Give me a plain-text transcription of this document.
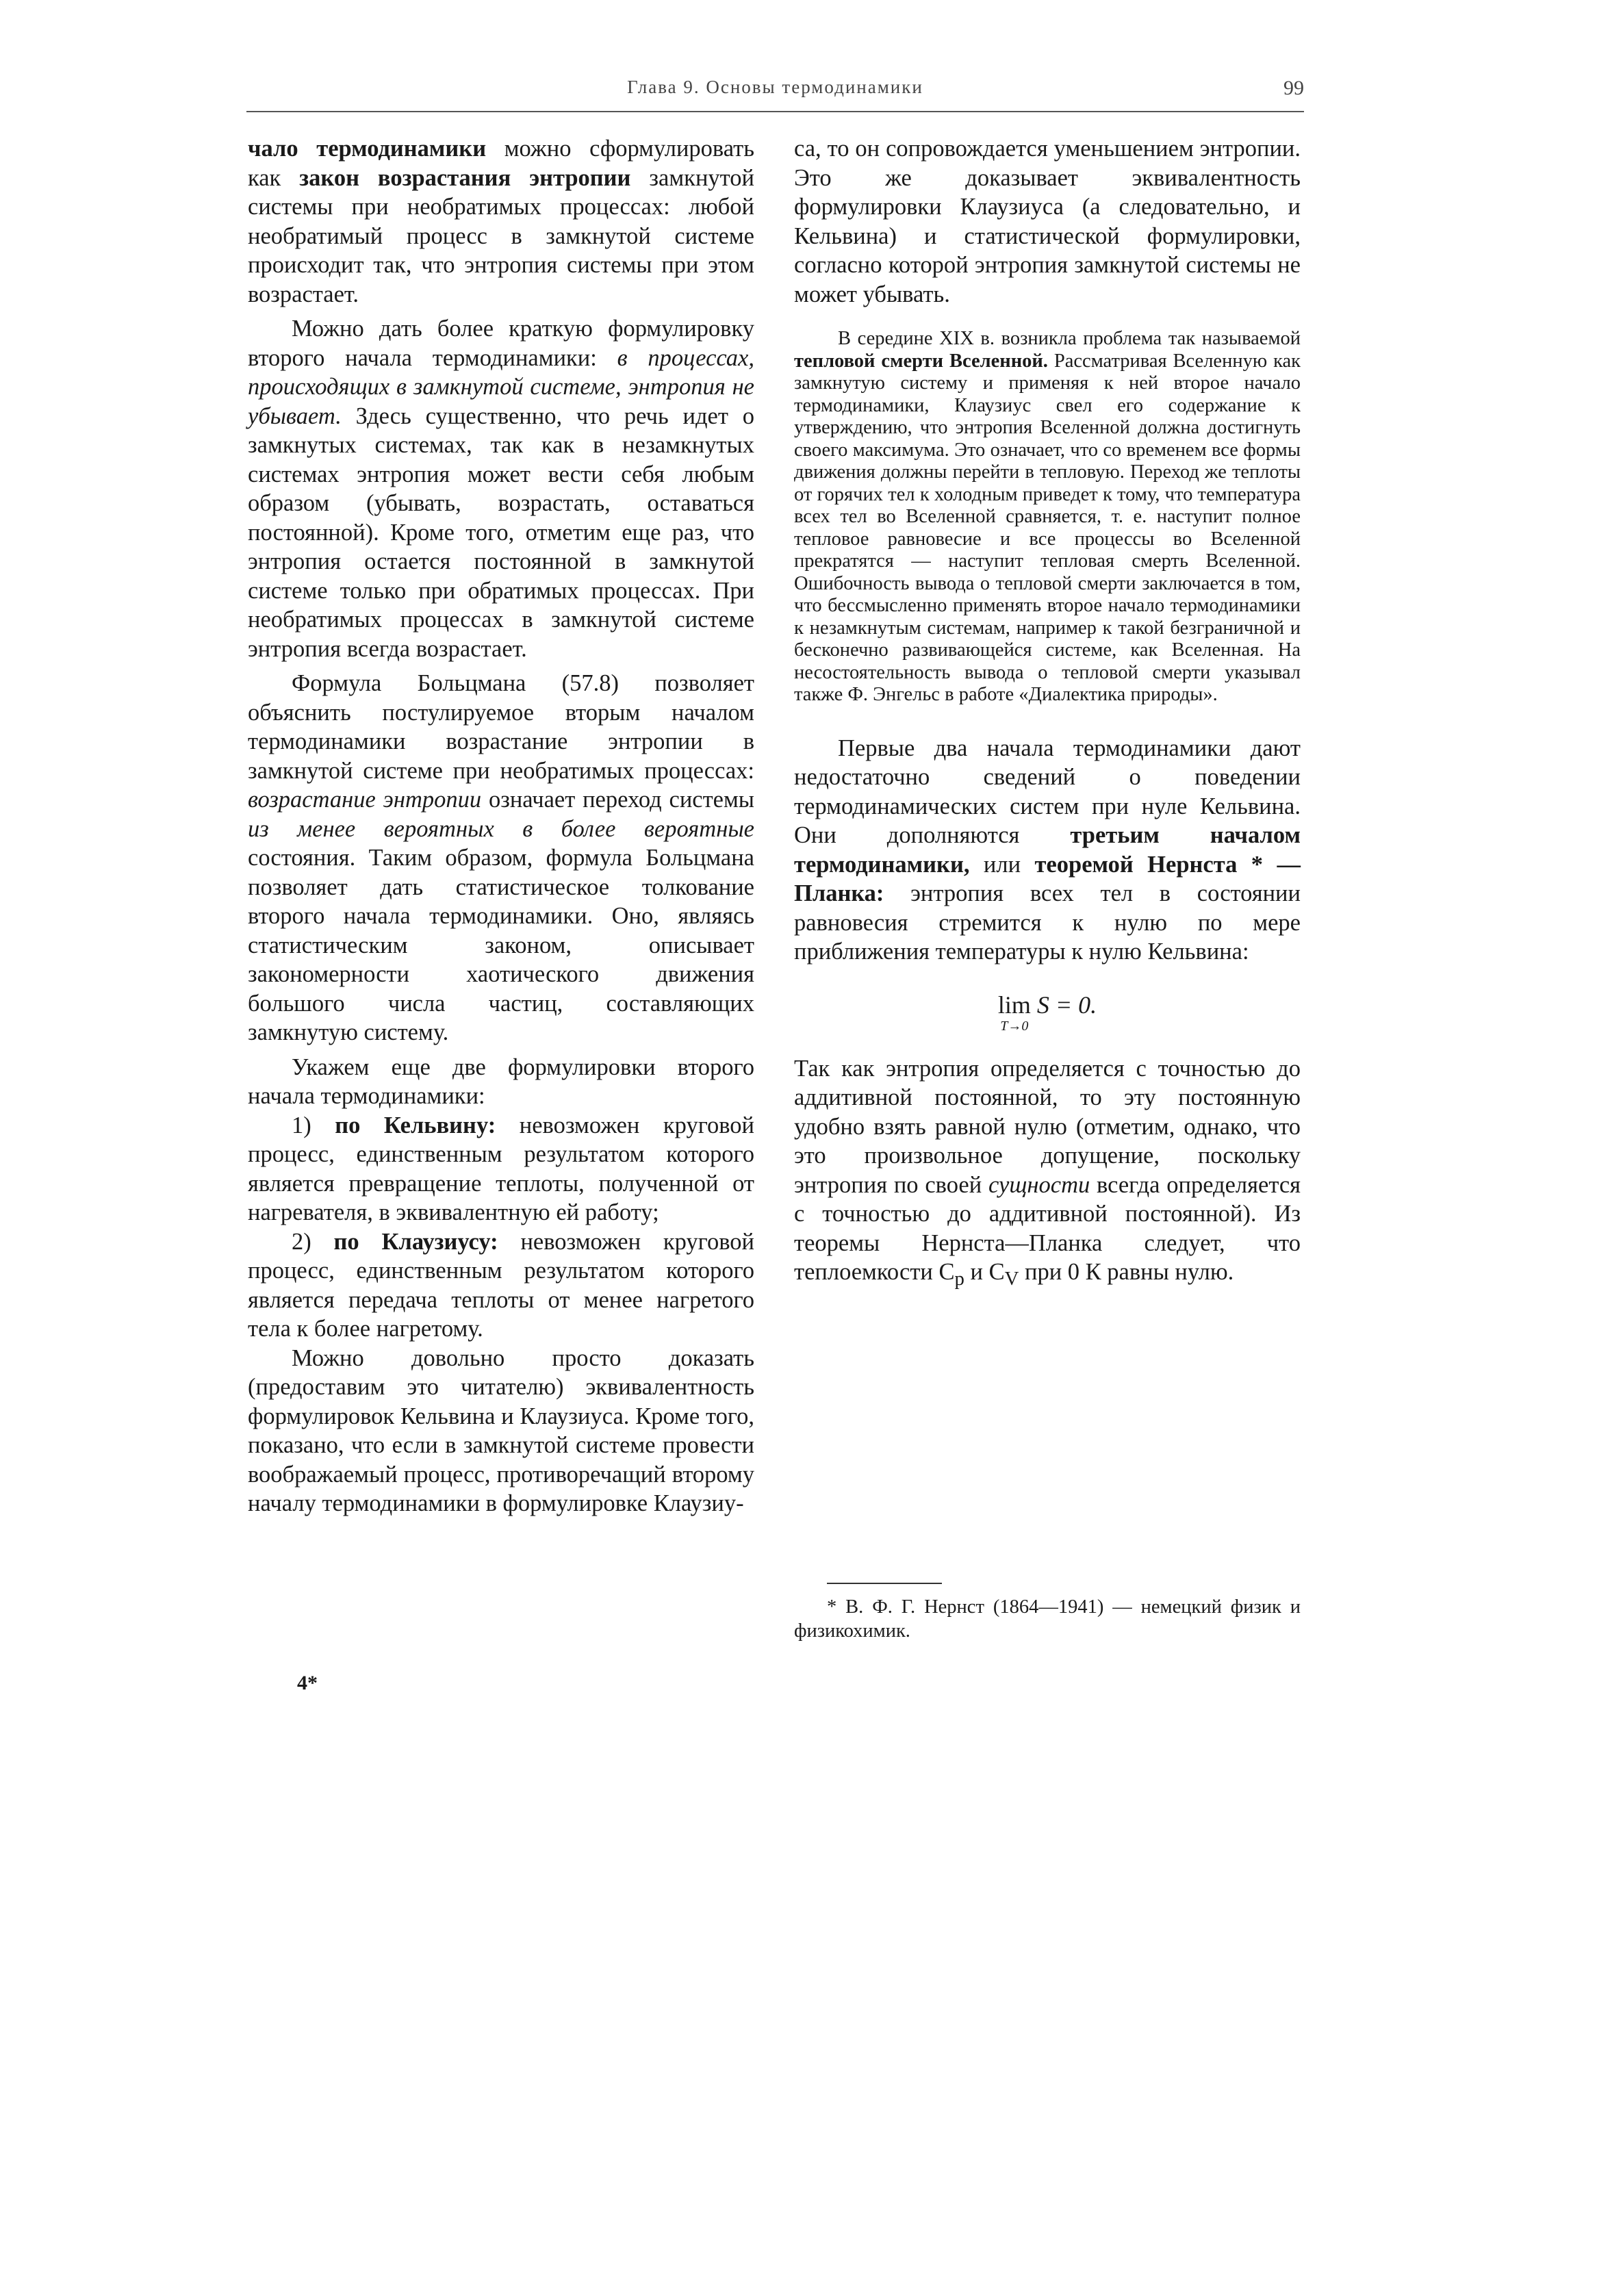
Глава 9. Основы термодинамики	99

чало термодинамики можно сформулировать как закон возрастания энтропии замкнутой системы при необратимых процессах: любой необратимый процесс в замкнутой системе происходит так, что энтропия системы при этом возрастает.

Можно дать более краткую формулировку второго начала термодинамики: в процессах, происходящих в замкнутой системе, энтропия не убывает. Здесь существенно, что речь идет о замкнутых системах, так как в незамкнутых системах энтропия может вести себя любым образом (убывать, возрастать, оставаться постоянной). Кроме того, отметим еще раз, что энтропия остается постоянной в замкнутой системе только при обратимых процессах. При необратимых процессах в замкнутой системе энтропия всегда возрастает.

Формула Больцмана (57.8) позволяет объяснить постулируемое вторым началом термодинамики возрастание энтропии в замкнутой системе при необратимых процессах: возрастание энтропии означает переход системы из менее вероятных в более вероятные состояния. Таким образом, формула Больцмана позволяет дать статистическое толкование второго начала термодинамики. Оно, являясь статистическим законом, описывает закономерности хаотического движения большого числа частиц, составляющих замкнутую систему.

Укажем еще две формулировки второго начала термодинамики:

1) по Кельвину: невозможен круговой процесс, единственным результатом которого является превращение теплоты, полученной от нагревателя, в эквивалентную ей работу;

2) по Клаузиусу: невозможен круговой процесс, единственным результатом которого является передача теплоты от менее нагретого тела к более нагретому.

Можно довольно просто доказать (предоставим это читателю) эквивалентность формулировок Кельвина и Клаузиуса. Кроме того, показано, что если в замкнутой системе провести воображаемый процесс, противоречащий второму началу термодинамики в формулировке Клаузиу-

са, то он сопровождается уменьшением энтропии. Это же доказывает эквивалентность формулировки Клаузиуса (а следовательно, и Кельвина) и статистической формулировки, согласно которой энтропия замкнутой системы не может убывать.

В середине XIX в. возникла проблема так называемой тепловой смерти Вселенной. Рассматривая Вселенную как замкнутую систему и применяя к ней второе начало термодинамики, Клаузиус свел его содержание к утверждению, что энтропия Вселенной должна достигнуть своего максимума. Это означает, что со временем все формы движения должны перейти в тепловую. Переход же теплоты от горячих тел к холодным приведет к тому, что температура всех тел во Вселенной сравняется, т. е. наступит полное тепловое равновесие и все процессы во Вселенной прекратятся — наступит тепловая смерть Вселенной. Ошибочность вывода о тепловой смерти заключается в том, что бессмысленно применять второе начало термодинамики к незамкнутым системам, например к такой безграничной и бесконечно развивающейся системе, как Вселенная. На несостоятельность вывода о тепловой смерти указывал также Ф. Энгельс в работе «Диалектика природы».

Первые два начала термодинамики дают недостаточно сведений о поведении термодинамических систем при нуле Кельвина. Они дополняются третьим началом термодинамики, или теоремой Нернста * — Планка: энтропия всех тел в состоянии равновесия стремится к нулю по мере приближения температуры к нулю Кельвина:

lim
T→0
S = 0.

Так как энтропия определяется с точностью до аддитивной постоянной, то эту постоянную удобно взять равной нулю (отметим, однако, что это произвольное допущение, поскольку энтропия по своей сущности всегда определяется с точностью до аддитивной постоянной). Из теоремы Нернста—Планка следует, что теплоемкости $C_p$ и $C_V$ при 0 К равны нулю.

* В. Ф. Г. Нернст (1864—1941) — немецкий физик и физикохимик.
4*
